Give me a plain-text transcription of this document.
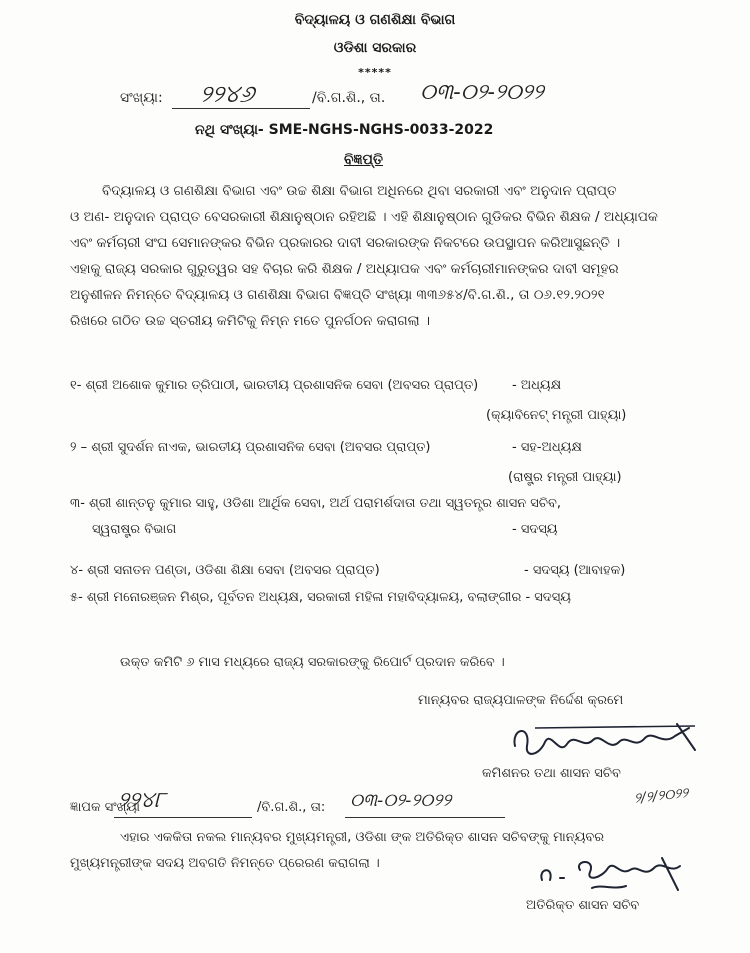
ବିଦ୍ୟାଳୟ ଓ ଗଣଶିକ୍ଷା ବିଭାଗ
ଓଡିଶା ସରକାର
*****
ସଂଖ୍ୟା: ୨୨୪୬	/ବି.ଗ.ଶି., ତା. ୦୩-୦୨-୨୦୨୨
ନଥି ସଂଖ୍ୟା- SME-NGHS-NGHS-0033-2022
ବିଜ୍ଞପ୍ତି
ବିଦ୍ୟାଳୟ ଓ ଗଣଶିକ୍ଷା ବିଭାଗ ଏବଂ ଉଚ୍ଚ ଶିକ୍ଷା ବିଭାଗ ଅଧିନରେ ଥିବା ସରକାରୀ ଏବଂ ଅନୁଦାନ ପ୍ରାପ୍ତ
ଓ ଅଣ- ଅନୁଦାନ ପ୍ରାପ୍ତ ବେସରକାରୀ ଶିକ୍ଷାନୁଷ୍ଠାନ ରହିଅଛି । ଏହି ଶିକ୍ଷାନୁଷ୍ଠାନ ଗୁଡିକର ବିଭିନ ଶିକ୍ଷକ / ଅଧ୍ୟାପକ
ଏବଂ କର୍ମଚାରୀ ସଂଘ ସେମାନଙ୍କର ବିଭିନ ପ୍ରକାରର ଦାବୀ ସରକାରଙ୍କ ନିକଟରେ ଉପସ୍ଥାପନ କରିଆସୁଛନ୍ତି ।
ଏହାକୁ ରାଜ୍ୟ ସରକାର ଗୁରୁତ୍ୱର ସହ ବିଚାର କରି ଶିକ୍ଷକ / ଅଧ୍ୟାପକ ଏବଂ କର୍ମଚାରୀମାନଙ୍କର ଦାବୀ ସମୂହର
ଅନୁଶୀଳନ ନିମନ୍ତେ ବିଦ୍ୟାଳୟ ଓ ଗଣଶିକ୍ଷା ବିଭାଗ ବିଜ୍ଞପ୍ତି ସଂଖ୍ୟା ୩୩୬୫୪/ବି.ଗ.ଶି., ତା ୦୬.୧୨.୨୦୨୧
ରିଖରେ ଗଠିତ ଉଚ୍ଚ ସ୍ତରୀୟ କମିଟିକୁ ନିମ୍ନ ମତେ ପୁନର୍ଗଠନ କରାଗଲା ।
୧- ଶ୍ରୀ ଅଶୋକ କୁମାର ତ୍ରିପାଠୀ, ଭାରତୀୟ ପ୍ରଶାସନିକ ସେବା (ଅବସର ପ୍ରାପ୍ତ)	- ଅଧ୍ୟକ୍ଷ
(କ୍ୟାବିନେଟ୍ ମନ୍ତ୍ରୀ ପାହ୍ୟା)
୨ – ଶ୍ରୀ ସୁଦର୍ଶନ ନାଏକ, ଭାରତୀୟ ପ୍ରଶାସନିକ ସେବା (ଅବସର ପ୍ରାପ୍ତ)	- ସହ-ଅଧ୍ୟକ୍ଷ
(ରାଷ୍ଟ୍ର ମନ୍ତ୍ରୀ ପାହ୍ୟା)
୩- ଶ୍ରୀ ଶାନ୍ତନୁ କୁମାର ସାହୁ, ଓଡିଶା ଆର୍ଥିକ ସେବା, ଅର୍ଥ ପରାମର୍ଶଦାତା ତଥା ସ୍ୱତନ୍ତ୍ର ଶାସନ ସଚିବ,
ସ୍ୱରାଷ୍ଟ୍ର ବିଭାଗ	- ସଦସ୍ୟ
୪- ଶ୍ରୀ ସନାତନ ପଣ୍ଡା, ଓଡିଶା ଶିକ୍ଷା ସେବା (ଅବସର ପ୍ରାପ୍ତ)	- ସଦସ୍ୟ (ଆବାହକ)
୫- ଶ୍ରୀ ମନୋରଞ୍ଜନ ମିଶ୍ର, ପୂର୍ବତନ ଅଧ୍ୟକ୍ଷ, ସରକାରୀ ମହିଳା ମହାବିଦ୍ୟାଳୟ, ବଲାଙ୍ଗୀର - ସଦସ୍ୟ
ଉକ୍ତ କମିଟି ୬ ମାସ ମଧ୍ୟରେ ରାଜ୍ୟ ସରକାରଙ୍କୁ ରିପୋର୍ଟ ପ୍ରଦାନ କରିବେ ।
ମାନ୍ୟବର ରାଜ୍ୟପାଳଙ୍କ ନିର୍ଦ୍ଦେଶ କ୍ରମେ
କମିଶନର ତଥା ଶାସନ ସଚିବ
୨/୨/୨୦୨୨
ଜ୍ଞାପକ ସଂଖ୍ୟା
୨୨୪୮	/ବି.ଗ.ଶି., ତା: ୦୩-୦୨-୨୦୨୨
ଏହାର ଏକକିତା ନକଲ ମାନ୍ୟବର ମୁଖ୍ୟମନ୍ତ୍ରୀ, ଓଡିଶା ଙ୍କ ଅତିରିକ୍ତ ଶାସନ ସଚିବଙ୍କୁ ମାନ୍ୟବର
ମୁଖ୍ୟମନ୍ତ୍ରୀଙ୍କ ସଦୟ ଅବଗତି ନିମନ୍ତେ ପ୍ରେରଣ କରାଗଲା ।
ଅତିରିକ୍ତ ଶାସନ ସଚିବ
